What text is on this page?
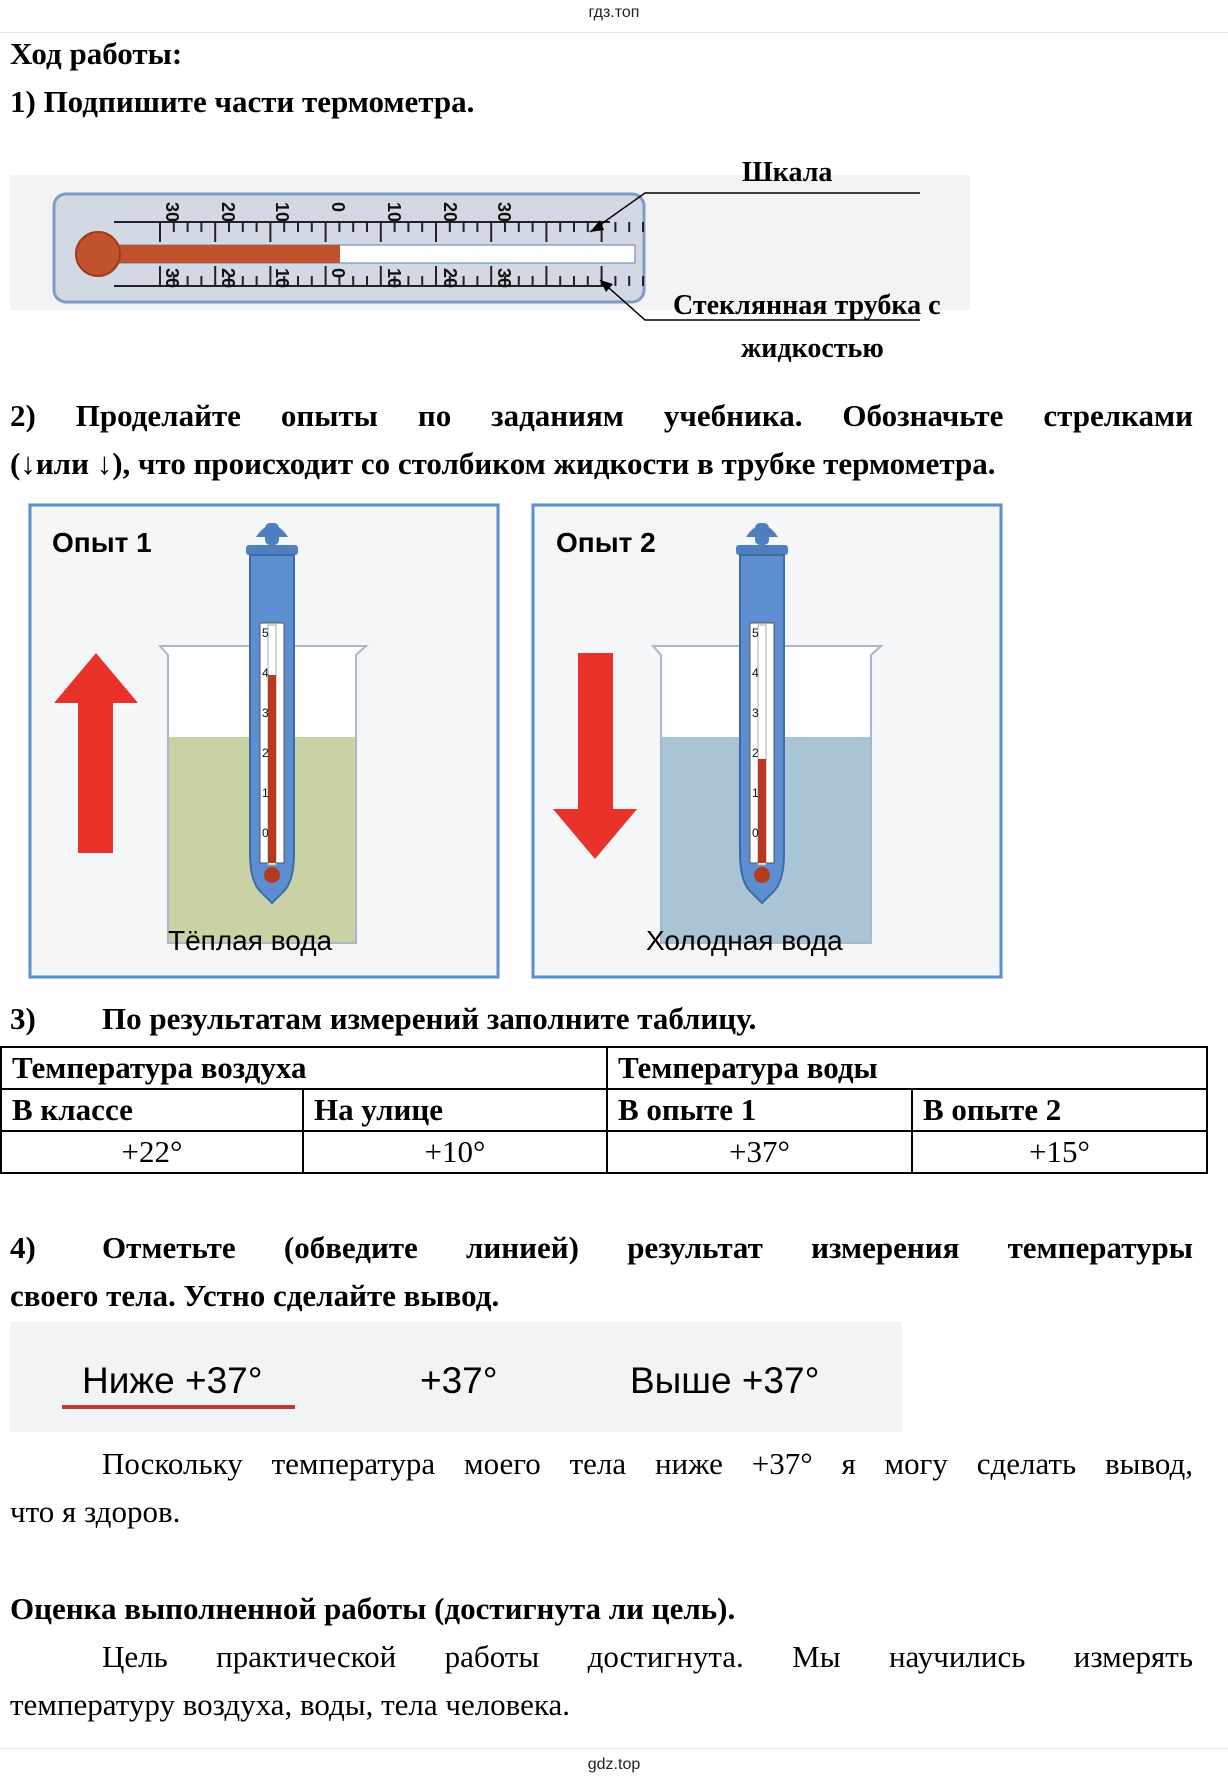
гдз.топ
Ход работы:
1) Подпишите части термометра.
30 20 10 0 10 20 30
30 20 10 0 10 20 30
Шкала
Стеклянная трубка с
жидкостью
2) Проделайте опыты по заданиям учебника. Обозначьте стрелками
(↓или ↓), что происходит со столбиком жидкости в трубке термометра.
5
4
3
2
1
0
Опыт 1
Тёплая вода
5
4
3
2
1
0
Опыт 2
Холодная вода
3) По результатам измерений заполните таблицу.
Температура воздуха		Температура воды	
В классе	На улице	В опыте 1	В опыте 2
+22°	+10°	+37°	+15°
4) Отметьте (обведите линией) результат измерения температуры
своего тела. Устно сделайте вывод.
Ниже +37°	+37°	Выше +37°
Поскольку температура моего тела ниже +37° я могу сделать вывод,
что я здоров.
Оценка выполненной работы (достигнута ли цель).
Цель практической работы достигнута. Мы научились измерять
температуру воздуха, воды, тела человека.
gdz.top
